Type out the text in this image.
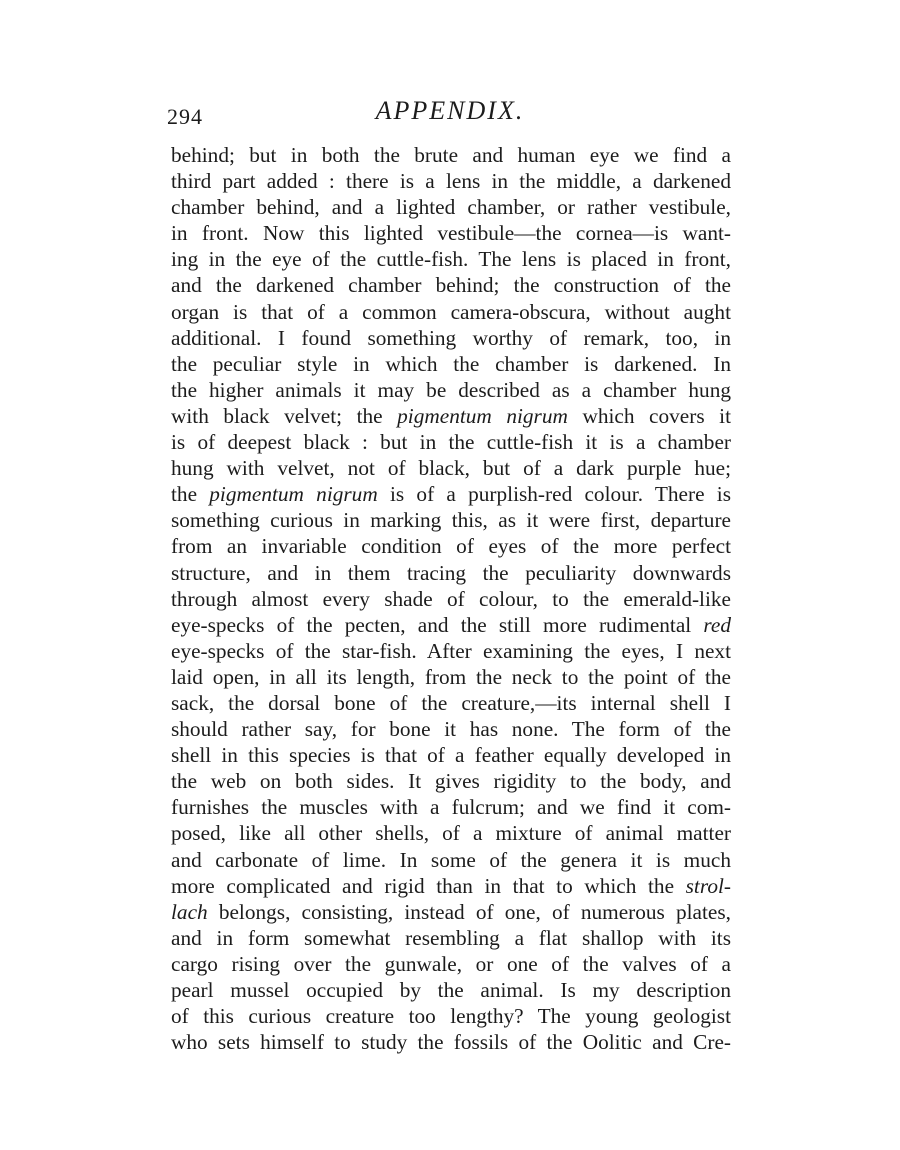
294	APPENDIX.
behind; but in both the brute and human eye we find a
third part added : there is a lens in the middle, a darkened
chamber behind, and a lighted chamber, or rather vestibule,
in front. Now this lighted vestibule—the cornea—is want-
ing in the eye of the cuttle-fish. The lens is placed in front,
and the darkened chamber behind; the construction of the
organ is that of a common camera-obscura, without aught
additional. I found something worthy of remark, too, in
the peculiar style in which the chamber is darkened. In
the higher animals it may be described as a chamber hung
with black velvet; the pigmentum nigrum which covers it
is of deepest black : but in the cuttle-fish it is a chamber
hung with velvet, not of black, but of a dark purple hue;
the pigmentum nigrum is of a purplish-red colour. There is
something curious in marking this, as it were first, departure
from an invariable condition of eyes of the more perfect
structure, and in them tracing the peculiarity downwards
through almost every shade of colour, to the emerald-like
eye-specks of the pecten, and the still more rudimental red
eye-specks of the star-fish. After examining the eyes, I next
laid open, in all its length, from the neck to the point of the
sack, the dorsal bone of the creature,—its internal shell I
should rather say, for bone it has none. The form of the
shell in this species is that of a feather equally developed in
the web on both sides. It gives rigidity to the body, and
furnishes the muscles with a fulcrum; and we find it com-
posed, like all other shells, of a mixture of animal matter
and carbonate of lime. In some of the genera it is much
more complicated and rigid than in that to which the strol-
lach belongs, consisting, instead of one, of numerous plates,
and in form somewhat resembling a flat shallop with its
cargo rising over the gunwale, or one of the valves of a
pearl mussel occupied by the animal. Is my description
of this curious creature too lengthy? The young geologist
who sets himself to study the fossils of the Oolitic and Cre-
